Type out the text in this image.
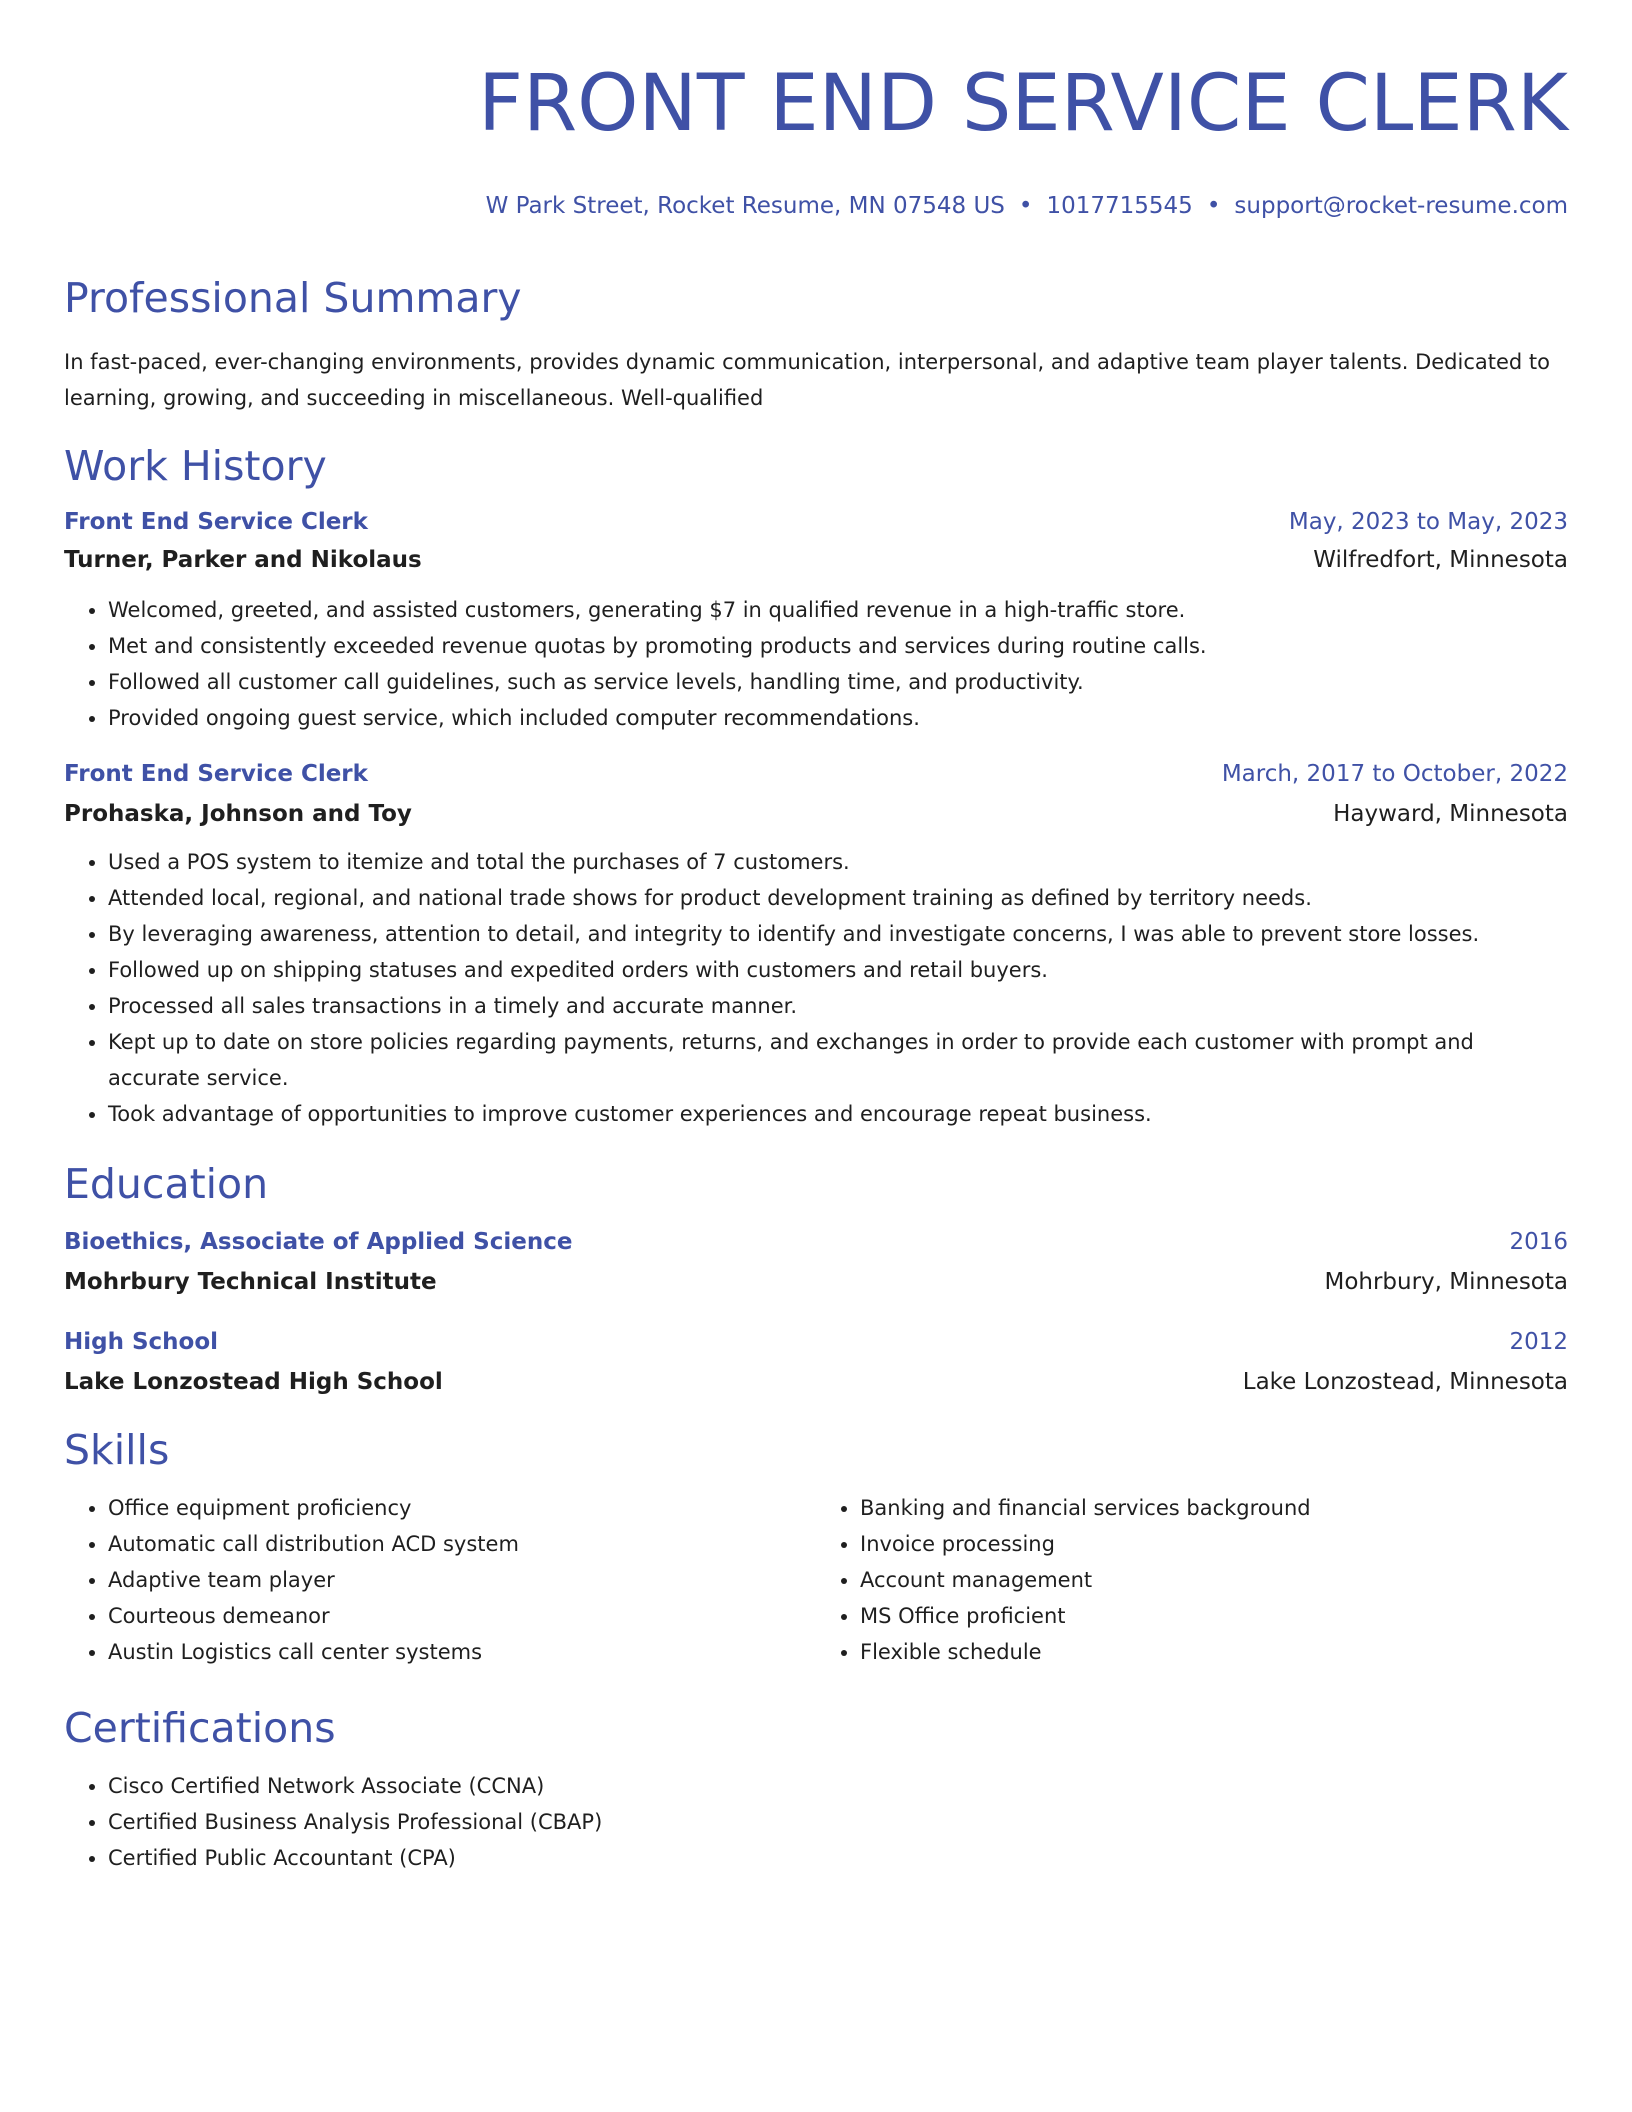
FRONT END SERVICE CLERK
W Park Street, Rocket Resume, MN 07548 US • 1017715545 • support@rocket-resume.com
Professional Summary
In fast-paced, ever-changing environments, provides dynamic communication, interpersonal, and adaptive team player talents. Dedicated to learning, growing, and succeeding in miscellaneous. Well-qualified
Work History
Front End Service Clerk	May, 2023 to May, 2023
Turner, Parker and Nikolaus	Wilfredfort, Minnesota
• Welcomed, greeted, and assisted customers, generating $7 in qualified revenue in a high-traffic store.
• Met and consistently exceeded revenue quotas by promoting products and services during routine calls.
• Followed all customer call guidelines, such as service levels, handling time, and productivity.
• Provided ongoing guest service, which included computer recommendations.
Front End Service Clerk	March, 2017 to October, 2022
Prohaska, Johnson and Toy	Hayward, Minnesota
• Used a POS system to itemize and total the purchases of 7 customers.
• Attended local, regional, and national trade shows for product development training as defined by territory needs.
• By leveraging awareness, attention to detail, and integrity to identify and investigate concerns, I was able to prevent store losses.
• Followed up on shipping statuses and expedited orders with customers and retail buyers.
• Processed all sales transactions in a timely and accurate manner.
• Kept up to date on store policies regarding payments, returns, and exchanges in order to provide each customer with prompt and accurate service.
• Took advantage of opportunities to improve customer experiences and encourage repeat business.
Education
Bioethics, Associate of Applied Science	2016
Mohrbury Technical Institute	Mohrbury, Minnesota
High School	2012
Lake Lonzostead High School	Lake Lonzostead, Minnesota
Skills
• Office equipment proficiency
• Automatic call distribution ACD system
• Adaptive team player
• Courteous demeanor
• Austin Logistics call center systems
• Banking and financial services background
• Invoice processing
• Account management
• MS Office proficient
• Flexible schedule
Certifications
• Cisco Certified Network Associate (CCNA)
• Certified Business Analysis Professional (CBAP)
• Certified Public Accountant (CPA)
